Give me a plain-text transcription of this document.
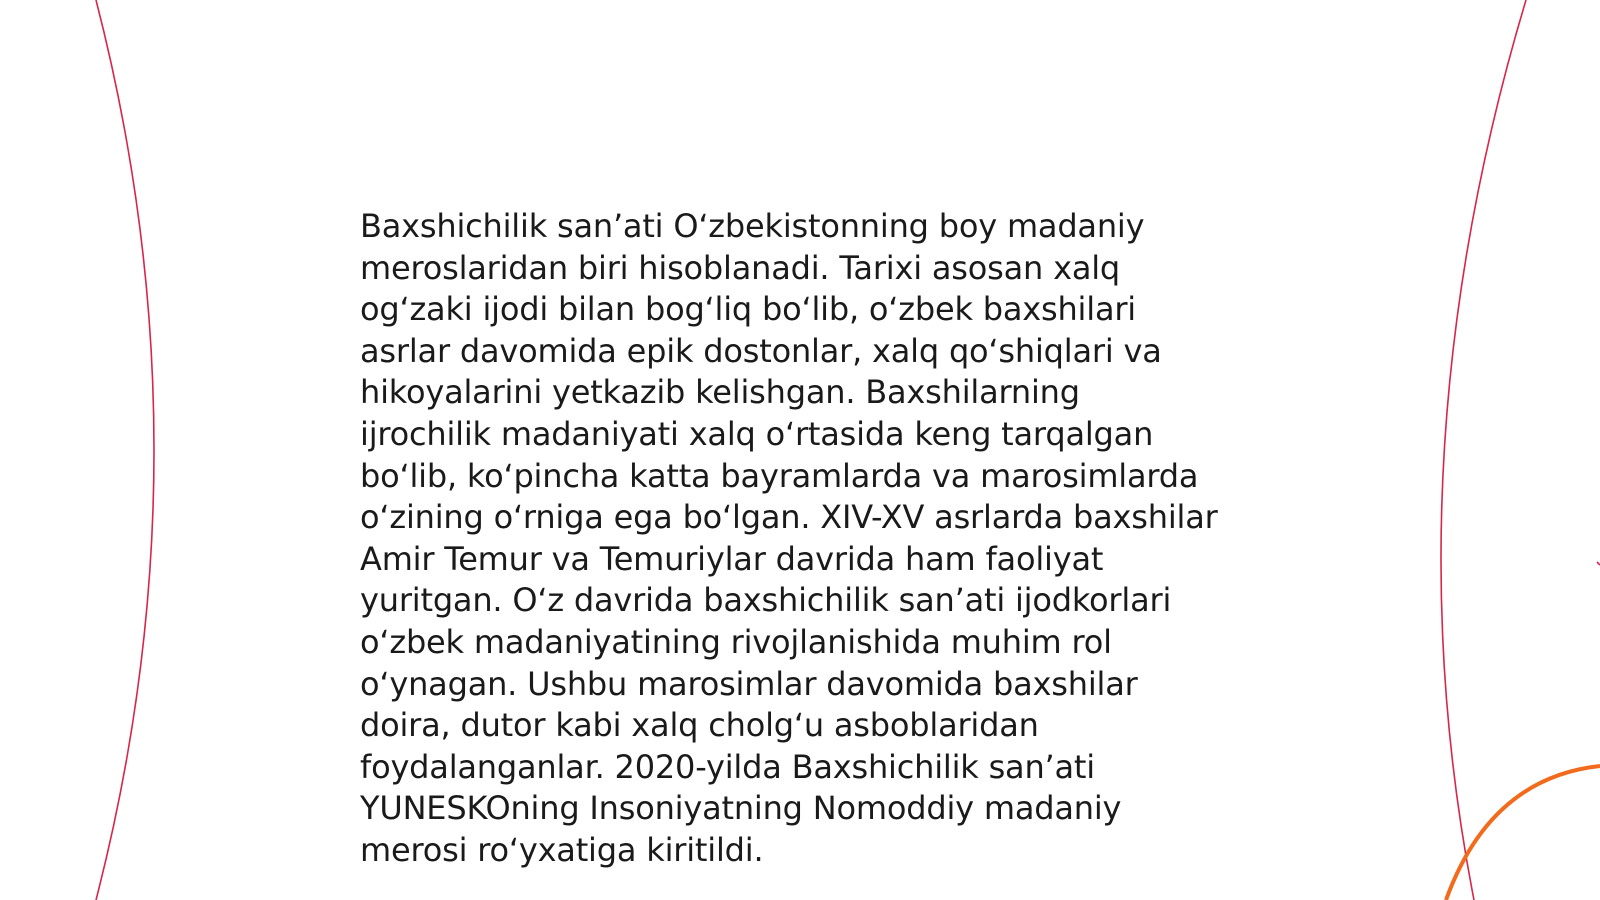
Baxshichilik san’ati O‘zbekistonning boy madaniy
meroslaridan biri hisoblanadi. Tarixi asosan xalq
og‘zaki ijodi bilan bog‘liq bo‘lib, o‘zbek baxshilari
asrlar davomida epik dostonlar, xalq qo‘shiqlari va
hikoyalarini yetkazib kelishgan. Baxshilarning
ijrochilik madaniyati xalq o‘rtasida keng tarqalgan
bo‘lib, ko‘pincha katta bayramlarda va marosimlarda
o‘zining o‘rniga ega bo‘lgan. XIV-XV asrlarda baxshilar
Amir Temur va Temuriylar davrida ham faoliyat
yuritgan. O‘z davrida baxshichilik san’ati ijodkorlari
o‘zbek madaniyatining rivojlanishida muhim rol
o‘ynagan. Ushbu marosimlar davomida baxshilar
doira, dutor kabi xalq cholg‘u asboblaridan
foydalanganlar. 2020-yilda Baxshichilik san’ati
YUNESKOning Insoniyatning Nomoddiy madaniy
merosi ro‘yxatiga kiritildi.
